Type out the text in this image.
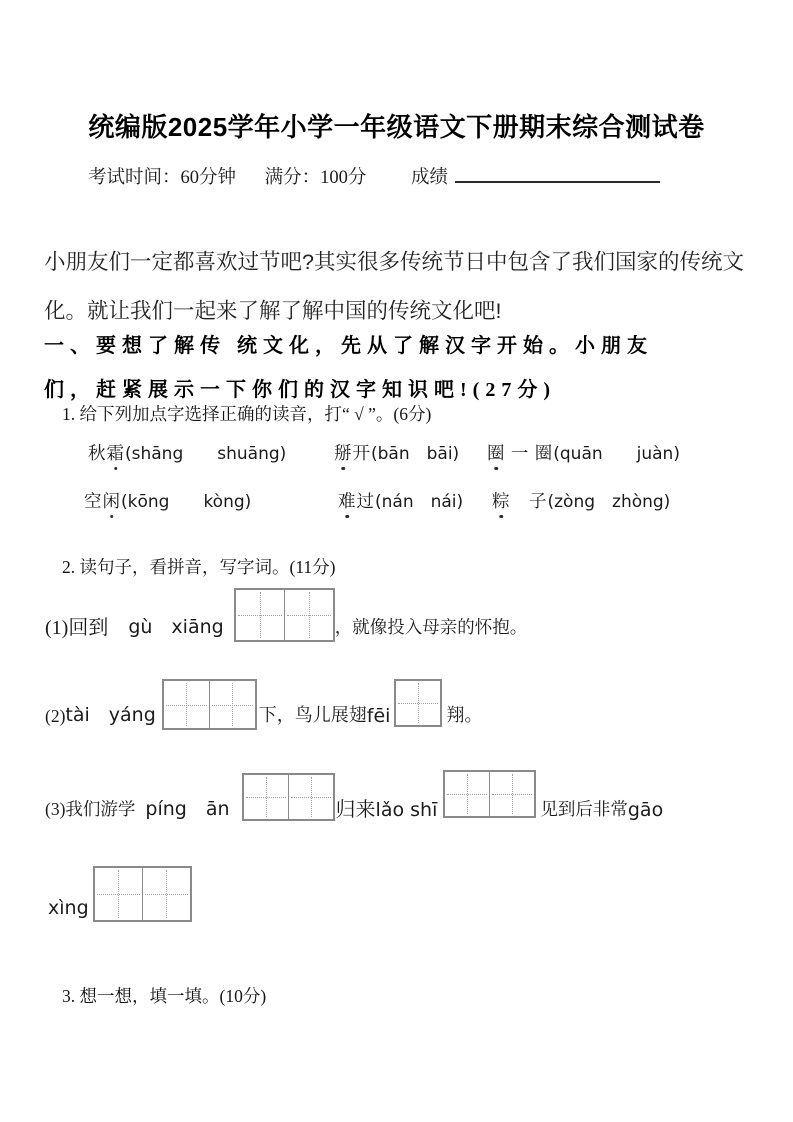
统编版2025学年小学一年级语文下册期末综合测试卷
考试时间：60分钟 满分：100分 成绩

小朋友们一定都喜欢过节吧?其实很多传统节日中包含了我们国家的传统文化。就让我们一起来了解了解中国的传统文化吧!

一、要想了解传 统文化，先从了解汉字开始。小朋友
们，赶紧展示一下你们的汉字知识吧!(27分)
1. 给下列加点字选择正确的读音，打“ √ ”。(6分)
秋霜(shāng　　shuāng)	掰开(bān　bāi) 圈 一 圈(quān　　juàn)
空闲(kōng　　kòng)	难过(nán　nái) 粽　子(zòng　zhòng)
2. 读句子，看拼音，写字词。(11分)
(1)回到 gù　xiāng	，就像投入母亲的怀抱。
(2) tài　yáng	下，鸟儿展翅 fēi	翔。
(3)我们游学 píng　ān	归来 lǎo shī	见到后非常 gāo
xìng
3. 想一想，填一填。(10分)
